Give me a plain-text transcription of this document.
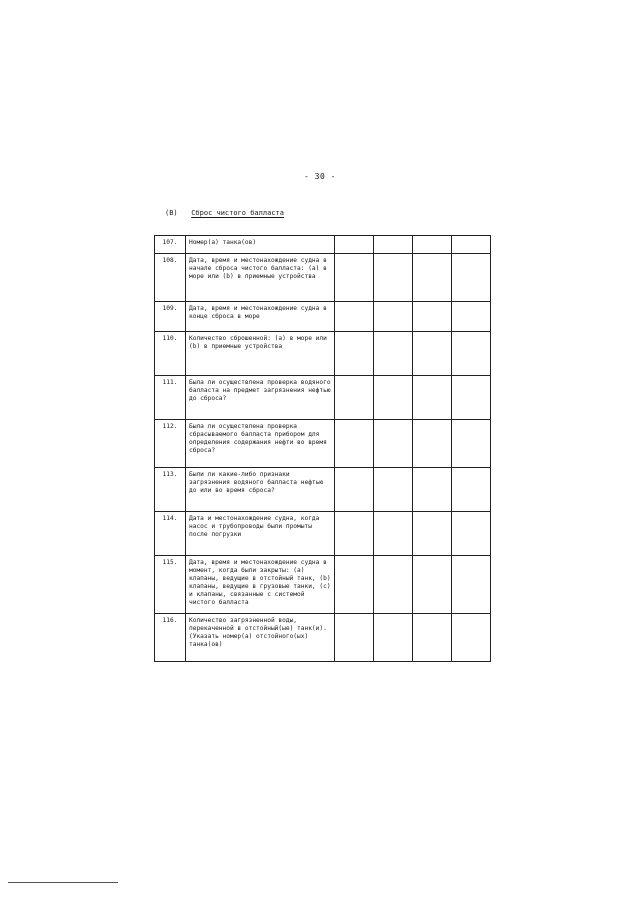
- 30 -
(B) Сброс чистого балласта
107.	Номер(а) танка(ов)				
108.	Дата, время и местонахождение судна в начале сброса чистого балласта: (а) в море или (b) в приемные устройства				
109.	Дата, время и местонахождение судна в конце сброса в море				
110.	Количество сброшенной: (а) в море или (b) в приемные устройства				
111.	Была ли осуществлена проверка водяного балласта на предмет загрязнения нефтью до сброса?				
112.	Была ли осуществлена проверка сбрасываемого балласта прибором для определения содержания нефти во время сброса?				
113.	Были ли какие-либо признаки загрязнения водяного балласта нефтью до или во время сброса?				
114.	Дата и местонахождение судна, когда насос и трубопроводы были промыты после погрузки				
115.	Дата, время и местонахождение судна в момент, когда были закрыты: (а) клапаны, ведущие в отстойный танк, (b) клапаны, ведущие в грузовые танки, (с) и клапаны, связанные с системой чистого балласта				
116.	Количество загрязненной воды, перекаченной в отстойный(ые) танк(и). (Указать номер(а) отстойного(ых) танка(ов)				
